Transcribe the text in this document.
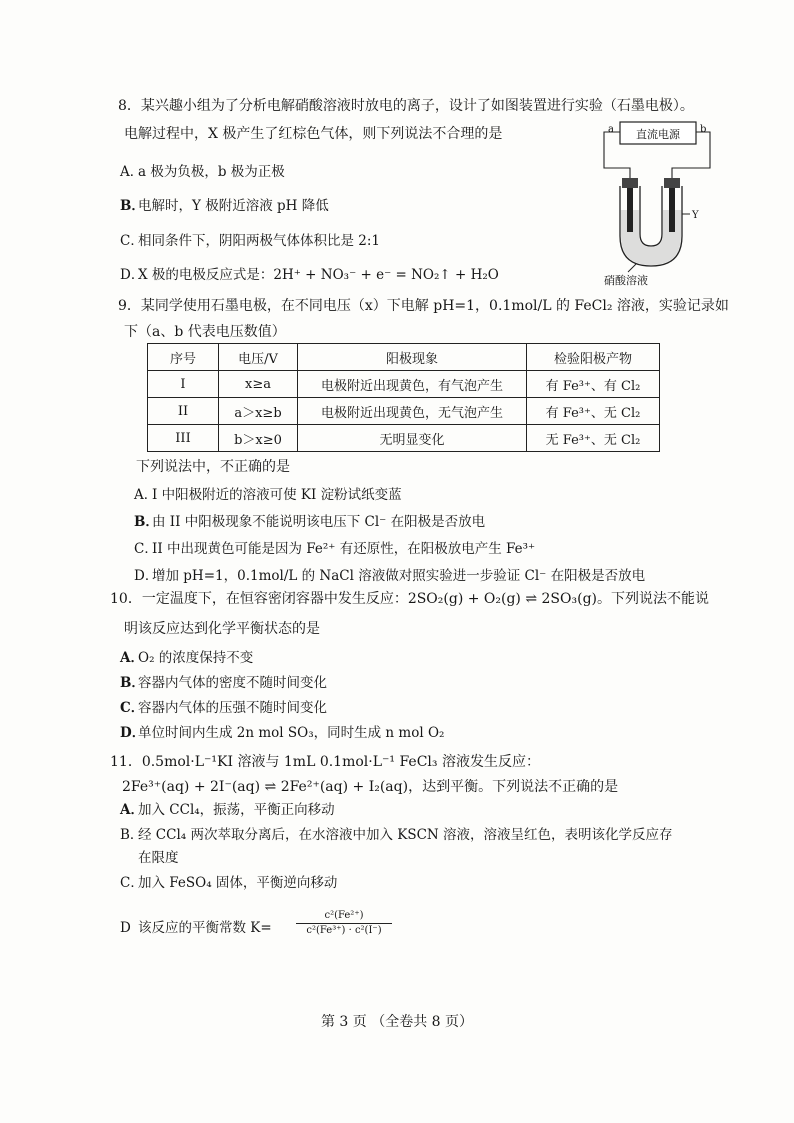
8．某兴趣小组为了分析电解硝酸溶液时放电的离子，设计了如图装置进行实验（石墨电极）。
电解过程中，X 极产生了红棕色气体，则下列说法不合理的是
A．a 极为负极，b 极为正极
B．电解时，Y 极附近溶液 pH 降低
C．相同条件下，阴阳两极气体体积比是 2:1
D．X 极的电极反应式是：2H⁺ + NO₃⁻ + e⁻ = NO₂↑ + H₂O
直流电源
a	b
Y
硝酸溶液
9．某同学使用石墨电极，在不同电压（x）下电解 pH=1，0.1mol/L 的 FeCl₂ 溶液，实验记录如
下（a、b 代表电压数值）
序号	电压/V	阳极现象	检验阳极产物
I	x≥a	电极附近出现黄色，有气泡产生	有 Fe³⁺、有 Cl₂
II	a＞x≥b	电极附近出现黄色，无气泡产生	有 Fe³⁺、无 Cl₂
III	b＞x≥0	无明显变化	无 Fe³⁺、无 Cl₂
下列说法中，不正确的是
A．I 中阳极附近的溶液可使 KI 淀粉试纸变蓝
B．由 II 中阳极现象不能说明该电压下 Cl⁻ 在阳极是否放电
C．II 中出现黄色可能是因为 Fe²⁺ 有还原性，在阳极放电产生 Fe³⁺
D．增加 pH=1，0.1mol/L 的 NaCl 溶液做对照实验进一步验证 Cl⁻ 在阳极是否放电
10．一定温度下，在恒容密闭容器中发生反应：2SO₂(g) + O₂(g) ⇌ 2SO₃(g)。下列说法不能说
明该反应达到化学平衡状态的是
A．O₂ 的浓度保持不变
B．容器内气体的密度不随时间变化
C．容器内气体的压强不随时间变化
D．单位时间内生成 2n mol SO₃，同时生成 n mol O₂
11．0.5mol·L⁻¹KI 溶液与 1mL 0.1mol·L⁻¹ FeCl₃ 溶液发生反应：
2Fe³⁺(aq) + 2I⁻(aq) ⇌ 2Fe²⁺(aq) + I₂(aq)，达到平衡。下列说法不正确的是
A．加入 CCl₄，振荡，平衡正向移动
B．经 CCl₄ 两次萃取分离后，在水溶液中加入 KSCN 溶液，溶液呈红色，表明该化学反应存
在限度
C．加入 FeSO₄ 固体，平衡逆向移动
D 该反应的平衡常数 $K= \frac{\text{c²(Fe²⁺)}}{\text{c²(Fe³⁺) · c²(I⁻)}}$
第 3 页 （全卷共 8 页）
